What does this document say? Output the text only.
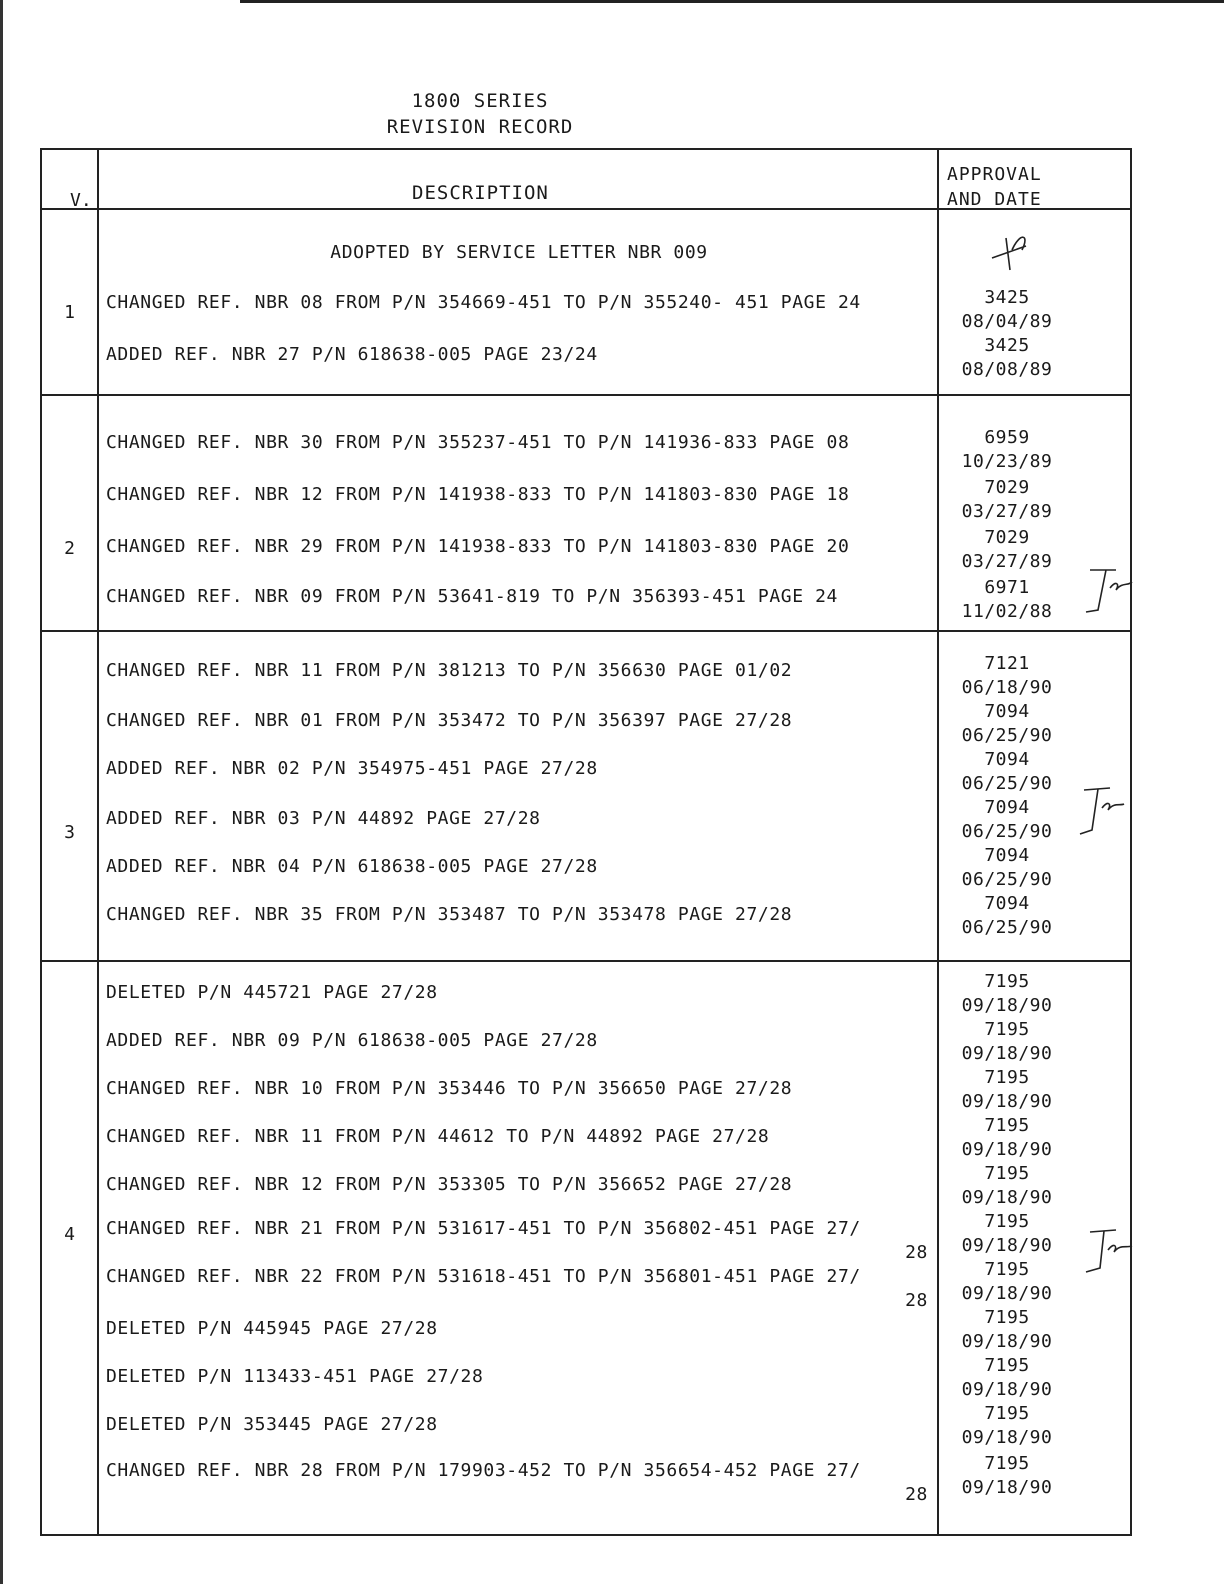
1800 SERIES
REVISION RECORD
V.	DESCRIPTION
APPROVAL
AND DATE
1
ADOPTED BY SERVICE LETTER NBR 009
CHANGED REF. NBR 08 FROM P/N 354669-451 TO P/N 355240- 451 PAGE 24
ADDED REF. NBR 27 P/N 618638-005 PAGE 23/24
3425
08/04/89
3425
08/08/89
2
CHANGED REF. NBR 30 FROM P/N 355237-451 TO P/N 141936-833 PAGE 08
CHANGED REF. NBR 12 FROM P/N 141938-833 TO P/N 141803-830 PAGE 18
CHANGED REF. NBR 29 FROM P/N 141938-833 TO P/N 141803-830 PAGE 20
CHANGED REF. NBR 09 FROM P/N 53641-819 TO P/N 356393-451 PAGE 24
6959
10/23/89
7029
03/27/89
7029
03/27/89
6971
11/02/88
3
CHANGED REF. NBR 11 FROM P/N 381213 TO P/N 356630 PAGE 01/02
CHANGED REF. NBR 01 FROM P/N 353472 TO P/N 356397 PAGE 27/28
ADDED REF. NBR 02 P/N 354975-451 PAGE 27/28
ADDED REF. NBR 03 P/N 44892 PAGE 27/28
ADDED REF. NBR 04 P/N 618638-005 PAGE 27/28
CHANGED REF. NBR 35 FROM P/N 353487 TO P/N 353478 PAGE 27/28
7121
06/18/90
7094
06/25/90
7094
06/25/90
7094
06/25/90
7094
06/25/90
7094
06/25/90
4
DELETED P/N 445721 PAGE 27/28
ADDED REF. NBR 09 P/N 618638-005 PAGE 27/28
CHANGED REF. NBR 10 FROM P/N 353446 TO P/N 356650 PAGE 27/28
CHANGED REF. NBR 11 FROM P/N 44612 TO P/N 44892 PAGE 27/28
CHANGED REF. NBR 12 FROM P/N 353305 TO P/N 356652 PAGE 27/28
CHANGED REF. NBR 21 FROM P/N 531617-451 TO P/N 356802-451 PAGE 27/
28
CHANGED REF. NBR 22 FROM P/N 531618-451 TO P/N 356801-451 PAGE 27/
28
DELETED P/N 445945 PAGE 27/28
DELETED P/N 113433-451 PAGE 27/28
DELETED P/N 353445 PAGE 27/28
CHANGED REF. NBR 28 FROM P/N 179903-452 TO P/N 356654-452 PAGE 27/
28
7195
09/18/90
7195
09/18/90
7195
09/18/90
7195
09/18/90
7195
09/18/90
7195
09/18/90
7195
09/18/90
7195
09/18/90
7195
09/18/90
7195
09/18/90
7195
09/18/90
